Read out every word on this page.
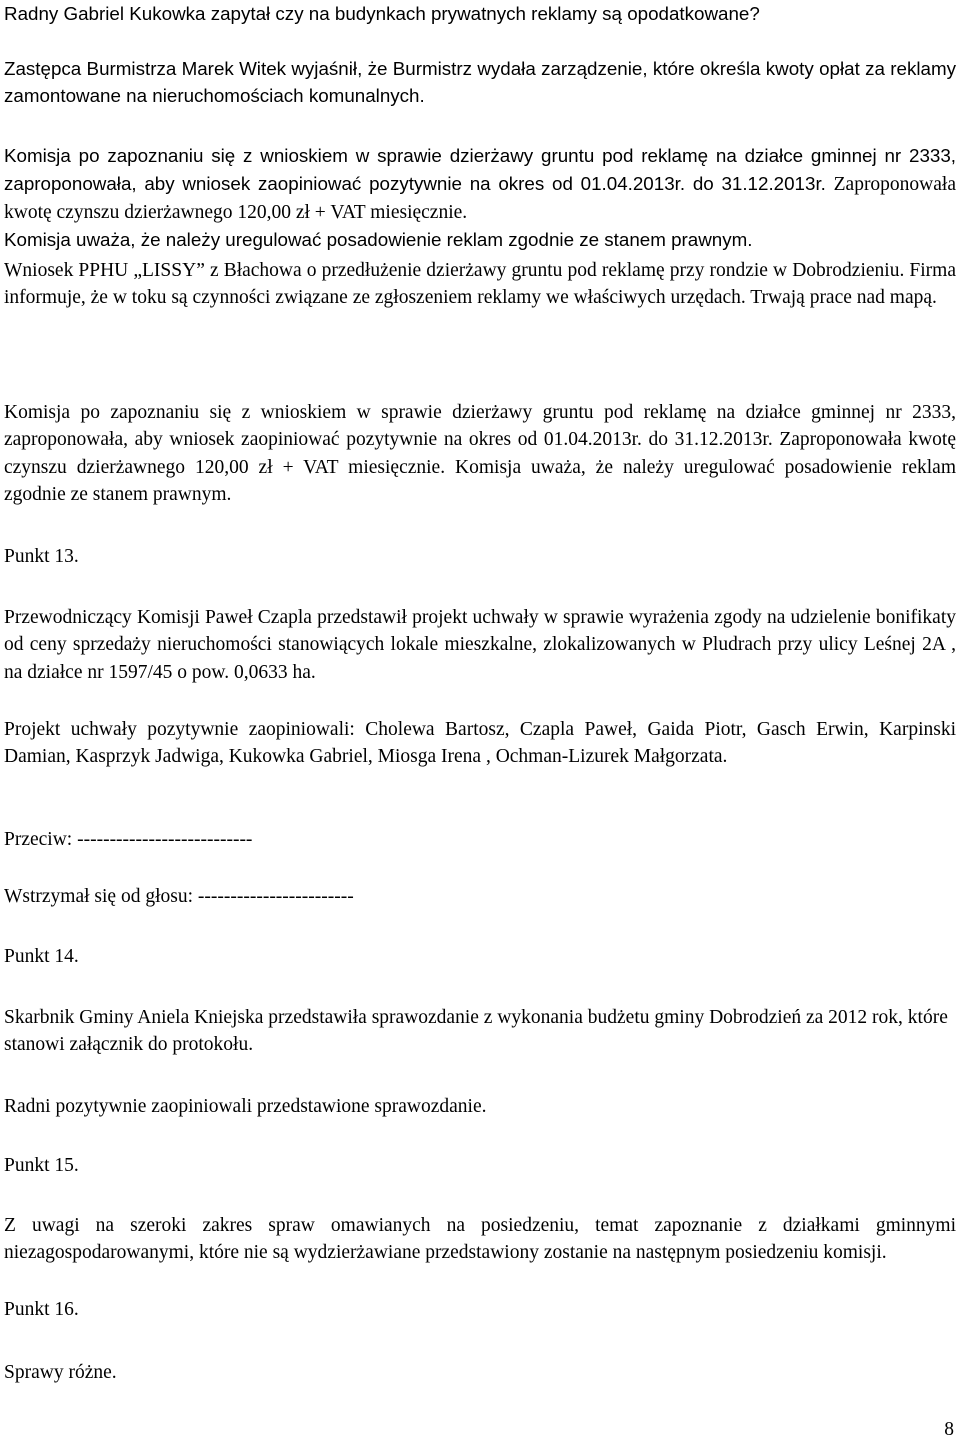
Radny Gabriel Kukowka zapytał czy na budynkach prywatnych reklamy są opodatkowane?

Zastępca Burmistrza Marek Witek wyjaśnił, że Burmistrz wydała zarządzenie, które określa kwoty opłat za reklamy zamontowane na nieruchomościach komunalnych.

Komisja po zapoznaniu się z wnioskiem w sprawie dzierżawy gruntu pod reklamę na działce gminnej nr 2333, zaproponowała, aby wniosek zaopiniować pozytywnie na okres od 01.04.2013r. do 31.12.2013r. Zaproponowała kwotę czynszu dzierżawnego 120,00 zł + VAT miesięcznie.
Komisja uważa, że należy uregulować posadowienie reklam zgodnie ze stanem prawnym.

Wniosek PPHU „LISSY” z Błachowa o przedłużenie dzierżawy gruntu pod reklamę przy rondzie w Dobrodzieniu. Firma informuje, że w toku są czynności związane ze zgłoszeniem reklamy we właściwych urzędach. Trwają prace nad mapą.

Komisja po zapoznaniu się z wnioskiem w sprawie dzierżawy gruntu pod reklamę na działce gminnej nr 2333, zaproponowała, aby wniosek zaopiniować pozytywnie na okres od 01.04.2013r. do 31.12.2013r. Zaproponowała kwotę czynszu dzierżawnego 120,00 zł + VAT miesięcznie. Komisja uważa, że należy uregulować posadowienie reklam zgodnie ze stanem prawnym.

Punkt 13.

Przewodniczący Komisji Paweł Czapla przedstawił projekt uchwały w sprawie wyrażenia zgody na udzielenie bonifikaty od ceny sprzedaży nieruchomości stanowiących lokale mieszkalne, zlokalizowanych w Pludrach przy ulicy Leśnej 2A , na działce nr 1597/45 o pow. 0,0633 ha.

Projekt uchwały pozytywnie zaopiniowali: Cholewa Bartosz, Czapla Paweł, Gaida Piotr, Gasch Erwin, Karpinski Damian, Kasprzyk Jadwiga, Kukowka Gabriel, Miosga Irena , Ochman-Lizurek Małgorzata.

Przeciw: ---------------------------

Wstrzymał się od głosu: ------------------------

Punkt 14.

Skarbnik Gminy Aniela Kniejska przedstawiła sprawozdanie z wykonania budżetu gminy Dobrodzień za 2012 rok, które stanowi załącznik do protokołu.

Radni pozytywnie zaopiniowali przedstawione sprawozdanie.

Punkt 15.

Z uwagi na szeroki zakres spraw omawianych na posiedzeniu, temat zapoznanie z działkami gminnymi niezagospodarowanymi, które nie są wydzierżawiane przedstawiony zostanie na następnym posiedzeniu komisji.

Punkt 16.

Sprawy różne.

8
